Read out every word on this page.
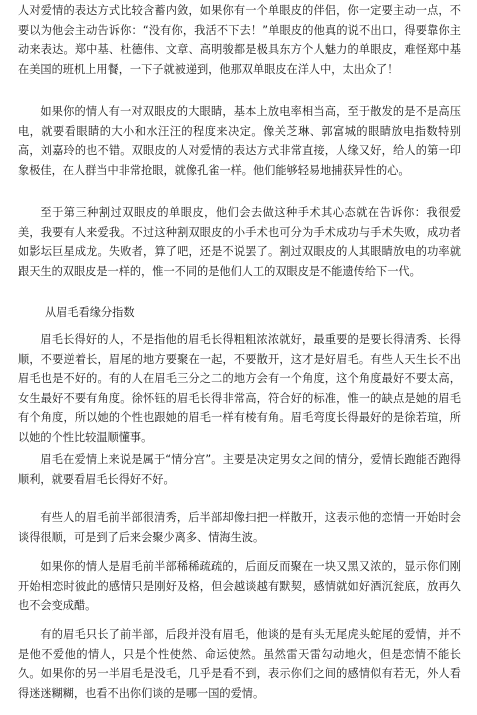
人对爱情的表达方式比较含蓄内敛，如果你有一个单眼皮的伴侣，你一定要主动一点，不要以为他会主动告诉你：“没有你，我活不下去！”单眼皮的他真的说不出口，得要靠你主动来表达。郑中基、杜德伟、文章、高明骏都是极具东方个人魅力的单眼皮，难怪郑中基在美国的班机上用餐，一下子就被递到，他那双单眼皮在洋人中，太出众了！

如果你的情人有一对双眼皮的大眼睛，基本上放电率相当高，至于散发的是不是高压电，就要看眼睛的大小和水汪汪的程度来决定。像关芝琳、郭富城的眼睛放电指数特别高，刘嘉玲的也不错。双眼皮的人对爱情的表达方式非常直接，人缘又好，给人的第一印象极佳，在人群当中非常抢眼，就像孔雀一样。他们能够轻易地捕获异性的心。

至于第三种割过双眼皮的单眼皮，他们会去做这种手术其心态就在告诉你：我很爱美，我要有人来爱我。不过这种割双眼皮的小手术也可分为手术成功与手术失败，成功者如影坛巨星成龙。失败者，算了吧，还是不说罢了。割过双眼皮的人其眼睛放电的功率就跟天生的双眼皮是一样的，惟一不同的是他们人工的双眼皮是不能遗传给下一代。

从眉毛看缘分指数

眉毛长得好的人，不是指他的眉毛长得粗粗浓浓就好，最重要的是要长得清秀、长得顺，不要逆着长，眉尾的地方要聚在一起，不要散开，这才是好眉毛。有些人天生长不出眉毛也是不好的。有的人在眉毛三分之二的地方会有一个角度，这个角度最好不要太高，女生最好不要有角度。徐怀钰的眉毛长得非常高，符合好的标准，惟一的缺点是她的眉毛有个角度，所以她的个性也跟她的眉毛一样有棱有角。眉毛弯度长得最好的是徐若瑄，所以她的个性比较温顺懂事。

眉毛在爱情上来说是属于“情分宫”。主要是决定男女之间的情分，爱情长跑能否跑得顺利，就要看眉毛长得好不好。

有些人的眉毛前半部很清秀，后半部却像扫把一样散开，这表示他的恋情一开始时会谈得很顺，可是到了后来会聚少离多、情海生波。

如果你的情人是眉毛前半部稀稀疏疏的，后面反而聚在一块又黑又浓的，显示你们刚开始相恋时彼此的感情只是刚好及格，但会越谈越有默契，感情就如好酒沉瓮底，放再久也不会变成醋。

有的眉毛只长了前半部，后段并没有眉毛，他谈的是有头无尾虎头蛇尾的爱情，并不是他不爱他的情人，只是个性使然、命运使然。虽然雷天雷勾动地火，但是恋情不能长久。如果你的另一半眉毛是没毛，几乎是看不到，表示你们之间的感情似有若无，外人看得迷迷糊糊，也看不出你们谈的是哪一国的爱情。
